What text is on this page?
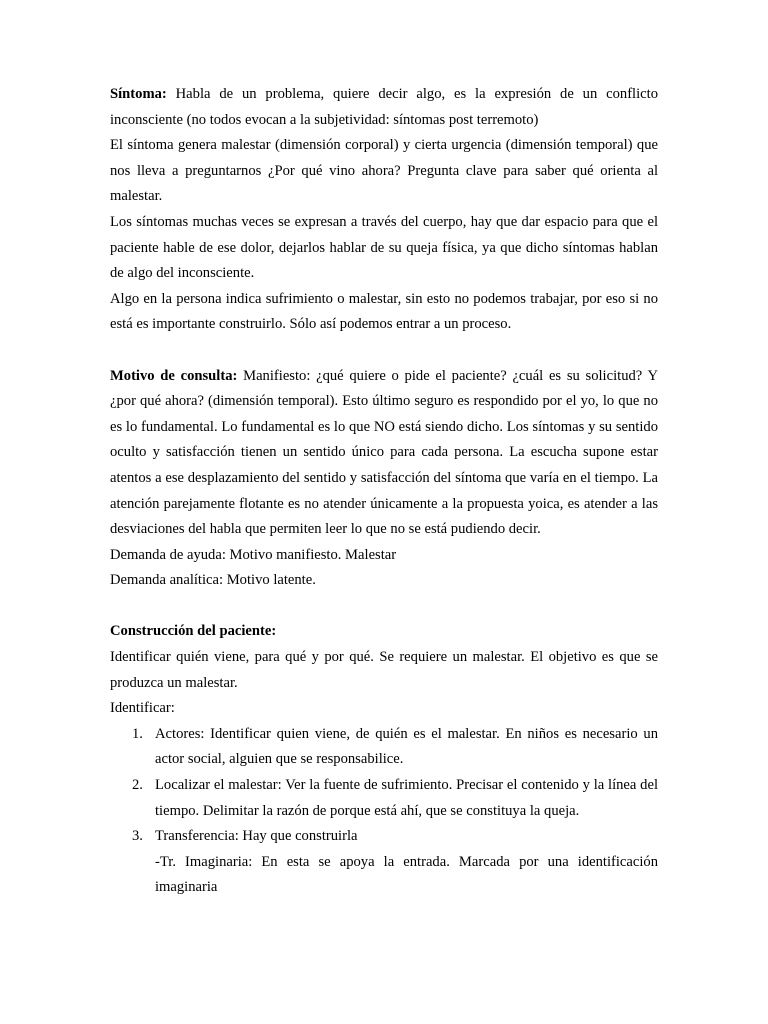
Síntoma: Habla de un problema, quiere decir algo, es la expresión de un conflicto inconsciente (no todos evocan a la subjetividad: síntomas post terremoto)

El síntoma genera malestar (dimensión corporal) y cierta urgencia (dimensión temporal) que nos lleva a preguntarnos ¿Por qué vino ahora? Pregunta clave para saber qué orienta al malestar.

Los síntomas muchas veces se expresan a través del cuerpo, hay que dar espacio para que el paciente hable de ese dolor, dejarlos hablar de su queja física, ya que dicho síntomas hablan de algo del inconsciente.

Algo en la persona indica sufrimiento o malestar, sin esto no podemos trabajar, por eso si no está es importante construirlo. Sólo así podemos entrar a un proceso.

Motivo de consulta: Manifiesto: ¿qué quiere o pide el paciente? ¿cuál es su solicitud? Y ¿por qué ahora? (dimensión temporal). Esto último seguro es respondido por el yo, lo que no es lo fundamental. Lo fundamental es lo que NO está siendo dicho. Los síntomas y su sentido oculto y satisfacción tienen un sentido único para cada persona. La escucha supone estar atentos a ese desplazamiento del sentido y satisfacción del síntoma que varía en el tiempo. La atención parejamente flotante es no atender únicamente a la propuesta yoica, es atender a las desviaciones del habla que permiten leer lo que no se está pudiendo decir.

Demanda de ayuda: Motivo manifiesto. Malestar

Demanda analítica: Motivo latente.

Construcción del paciente:

Identificar quién viene, para qué y por qué. Se requiere un malestar. El objetivo es que se produzca un malestar.

Identificar:

1. Actores: Identificar quien viene, de quién es el malestar. En niños es necesario un actor social, alguien que se responsabilice.
2. Localizar el malestar: Ver la fuente de sufrimiento. Precisar el contenido y la línea del tiempo. Delimitar la razón de porque está ahí, que se constituya la queja.
3. Transferencia: Hay que construirla
-Tr. Imaginaria: En esta se apoya la entrada. Marcada por una identificación imaginaria
